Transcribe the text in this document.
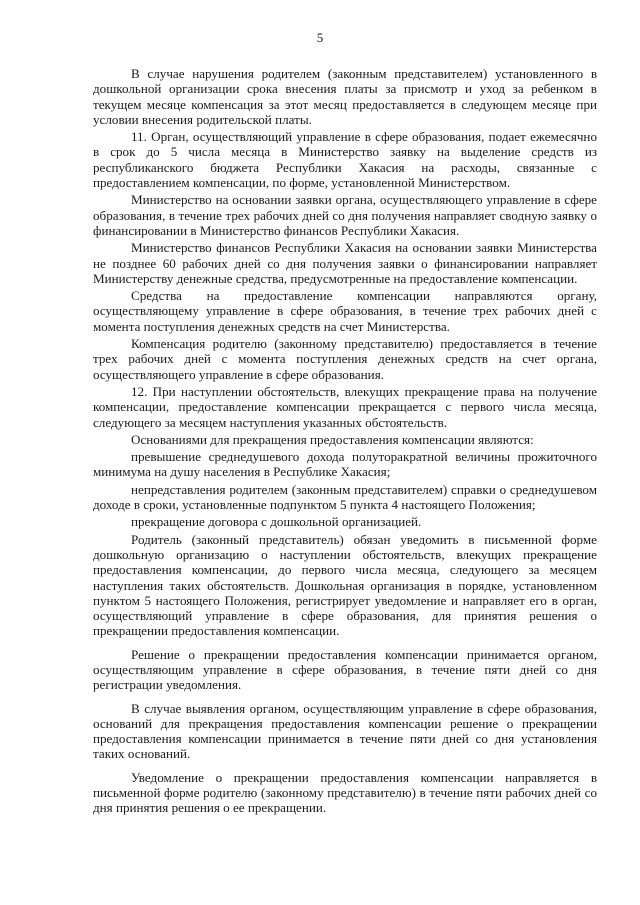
5

В случае нарушения родителем (законным представителем) установленного в дошкольной организации срока внесения платы за присмотр и уход за ребенком в текущем месяце компенсация за этот месяц предоставляется в следующем месяце при условии внесения родительской платы.

11. Орган, осуществляющий управление в сфере образования, подает ежемесячно в срок до 5 числа месяца в Министерство заявку на выделение средств из республиканского бюджета Республики Хакасия на расходы, связанные с предоставлением компенсации, по форме, установленной Министерством.

Министерство на основании заявки органа, осуществляющего управление в сфере образования, в течение трех рабочих дней со дня получения направляет сводную заявку о финансировании в Министерство финансов Республики Хакасия.

Министерство финансов Республики Хакасия на основании заявки Министерства не позднее 60 рабочих дней со дня получения заявки о финансировании направляет Министерству денежные средства, предусмотренные на предоставление компенсации.

Средства на предоставление компенсации направляются органу, осуществляющему управление в сфере образования, в течение трех рабочих дней с момента поступления денежных средств на счет Министерства.

Компенсация родителю (законному представителю) предоставляется в течение трех рабочих дней с момента поступления денежных средств на счет органа, осуществляющего управление в сфере образования.

12. При наступлении обстоятельств, влекущих прекращение права на получение компенсации, предоставление компенсации прекращается с первого числа месяца, следующего за месяцем наступления указанных обстоятельств.

Основаниями для прекращения предоставления компенсации являются:

превышение среднедушевого дохода полуторакратной величины прожиточного минимума на душу населения в Республике Хакасия;

непредставления родителем (законным представителем) справки о среднедушевом доходе в сроки, установленные подпунктом 5 пункта 4 настоящего Положения;

прекращение договора с дошкольной организацией.

Родитель (законный представитель) обязан уведомить в письменной форме дошкольную организацию о наступлении обстоятельств, влекущих прекращение предоставления компенсации, до первого числа месяца, следующего за месяцем наступления таких обстоятельств. Дошкольная организация в порядке, установленном пунктом 5 настоящего Положения, регистрирует уведомление и направляет его в орган, осуществляющий управление в сфере образования, для принятия решения о прекращении предоставления компенсации.

Решение о прекращении предоставления компенсации принимается органом, осуществляющим управление в сфере образования, в течение пяти дней со дня регистрации уведомления.

В случае выявления органом, осуществляющим управление в сфере образования, оснований для прекращения предоставления компенсации решение о прекращении предоставления компенсации принимается в течение пяти дней со дня установления таких оснований.

Уведомление о прекращении предоставления компенсации направляется в письменной форме родителю (законному представителю) в течение пяти рабочих дней со дня принятия решения о ее прекращении.
